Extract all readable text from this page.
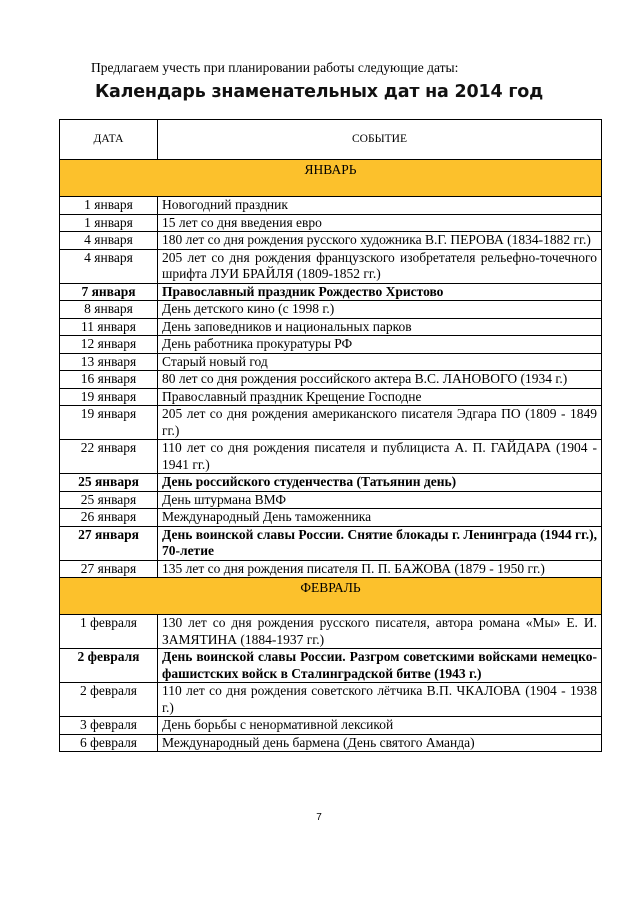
Предлагаем учесть при планировании работы следующие даты:
Календарь знаменательных дат на 2014 год
ДАТА	СОБЫТИЕ
ЯНВАРЬ	
1 января	Новогодний праздник
1 января	15 лет со дня введения евро
4 января	180 лет со дня рождения русского художника В.Г. ПЕРОВА (1834-1882 гг.)
4 января	205 лет со дня рождения французского изобретателя рельефно-точечного шрифта ЛУИ БРАЙЛЯ (1809-1852 гг.)
7 января	Православный праздник Рождество Христово
8 января	День детского кино (с 1998 г.)
11 января	День заповедников и национальных парков
12 января	День работника прокуратуры РФ
13 января	Старый новый год
16 января	80 лет со дня рождения российского актера В.С. ЛАНОВОГО (1934 г.)
19 января	Православный праздник Крещение Господне
19 января	205 лет со дня рождения американского писателя Эдгара ПО (1809 - 1849 гг.)
22 января	110 лет со дня рождения писателя и публициста А. П. ГАЙДАРА (1904 - 1941 гг.)
25 января	День российского студенчества (Татьянин день)
25 января	День штурмана ВМФ
26 января	Международный День таможенника
27 января	День воинской славы России. Снятие блокады г. Ленинграда (1944 гг.), 70-летие
27 января	135 лет со дня рождения писателя П. П. БАЖОВА (1879 - 1950 гг.)
ФЕВРАЛЬ	
1 февраля	130 лет со дня рождения русского писателя, автора романа «Мы» Е. И. ЗАМЯТИНА (1884-1937 гг.)
2 февраля	День воинской славы России. Разгром советскими войсками немецко-фашистских войск в Сталинградской битве (1943 г.)
2 февраля	110 лет со дня рождения советского лётчика В.П. ЧКАЛОВА (1904 - 1938 г.)
3 февраля	День борьбы с ненормативной лексикой
6 февраля	Международный день бармена (День святого Аманда)
7
